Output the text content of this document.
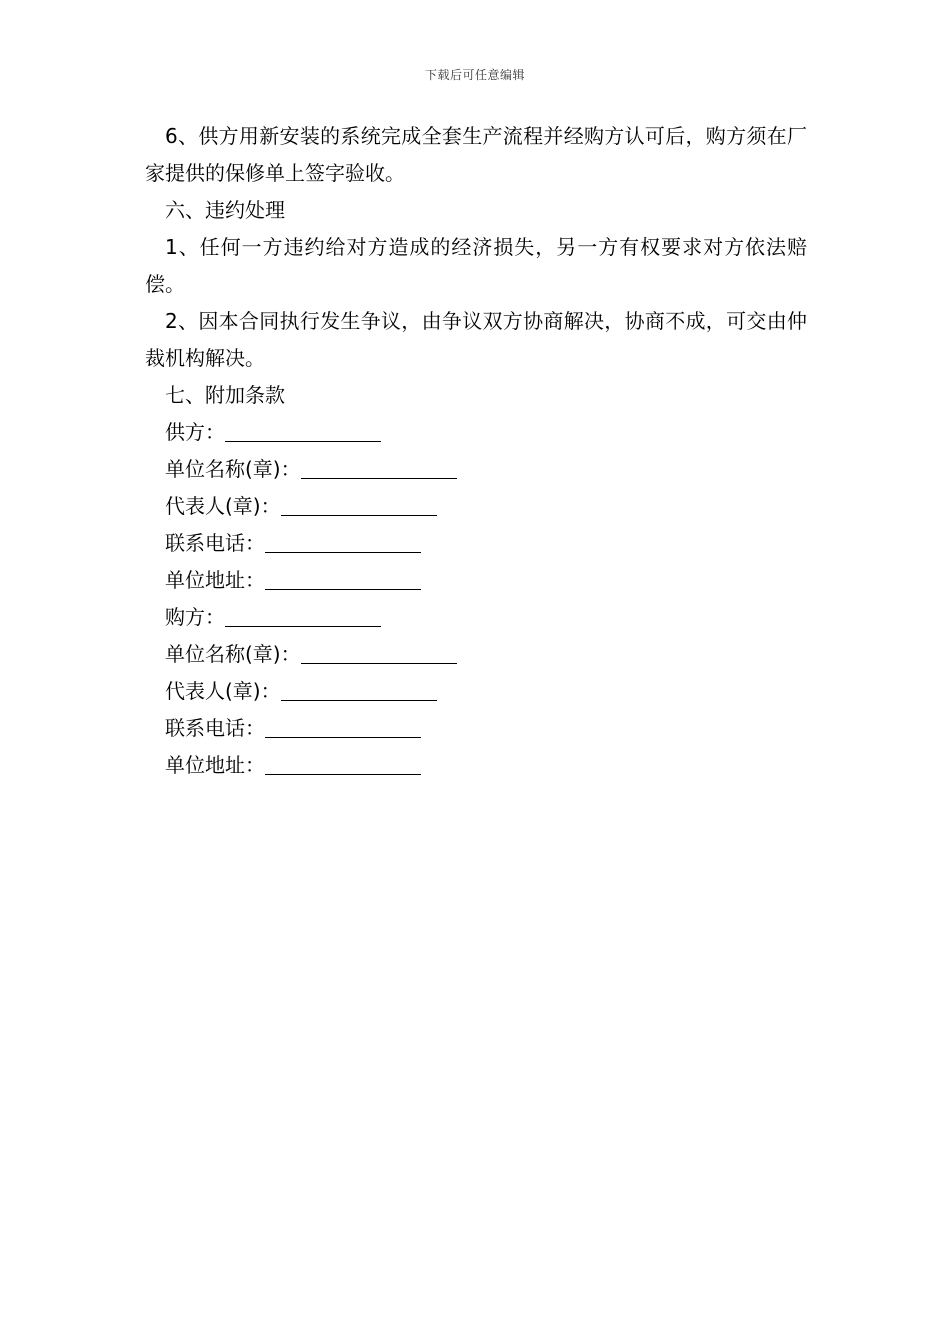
下载后可任意编辑

6、供方用新安装的系统完成全套生产流程并经购方认可后，购方须在厂家提供的保修单上签字验收。

六、违约处理

1、任何一方违约给对方造成的经济损失，另一方有权要求对方依法赔偿。

2、因本合同执行发生争议，由争议双方协商解决，协商不成，可交由仲裁机构解决。

七、附加条款

供方：

单位名称(章)：

代表人(章)：

联系电话：

单位地址：

购方：

单位名称(章)：

代表人(章)：

联系电话：

单位地址：
